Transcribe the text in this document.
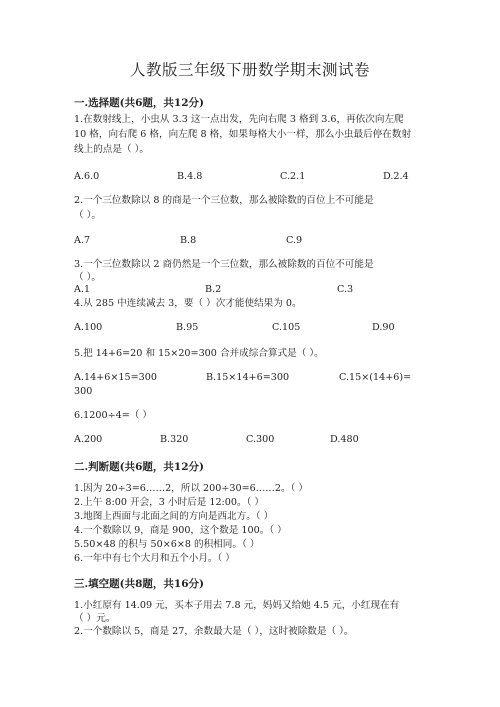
人教版三年级下册数学期末测试卷
一.选择题(共6题，共12分)
1.在数射线上，小虫从 3.3 这一点出发，先向右爬 3 格到 3.6，再依次向左爬
10 格，向右爬 6 格，向左爬 8 格，如果每格大小一样，那么小虫最后停在数射
线上的点是（ ）。
A.6.0	B.4.8	C.2.1	D.2.4
2.一个三位数除以 8 的商是一个三位数，那么被除数的百位上不可能是
（ ）。
A.7	B.8	C.9
3.一个三位数除以 2 商仍然是一个三位数，那么被除数的百位不可能是
（ ）。
A.1	B.2	C.3
4.从 285 中连续减去 3，要（ ）次才能使结果为 0。
A.100	B.95	C.105	D.90
5.把 14+6=20 和 15×20=300 合并成综合算式是（ ）。
A.14+6×15=300	B.15×14+6=300	C.15×(14+6)=
300
6.1200÷4=（ ）
A.200	B.320	C.300	D.480
二.判断题(共6题，共12分)
1.因为 20÷3=6……2，所以 200÷30=6……2。（ ）
2.上午 8:00 开会，3 小时后是 12:00。（ ）
3.地图上西面与北面之间的方向是西北方。（ ）
4.一个数除以 9，商是 900，这个数是 100。（ ）
5.50×48 的积与 50×6×8 的积相同。（ ）
6.一年中有七个大月和五个小月。（ ）
三.填空题(共8题，共16分)
1.小红原有 14.09 元，买本子用去 7.8 元，妈妈又给她 4.5 元，小红现在有
（ ）元。
2.一个数除以 5，商是 27，余数最大是（ ），这时被除数是（ ）。
